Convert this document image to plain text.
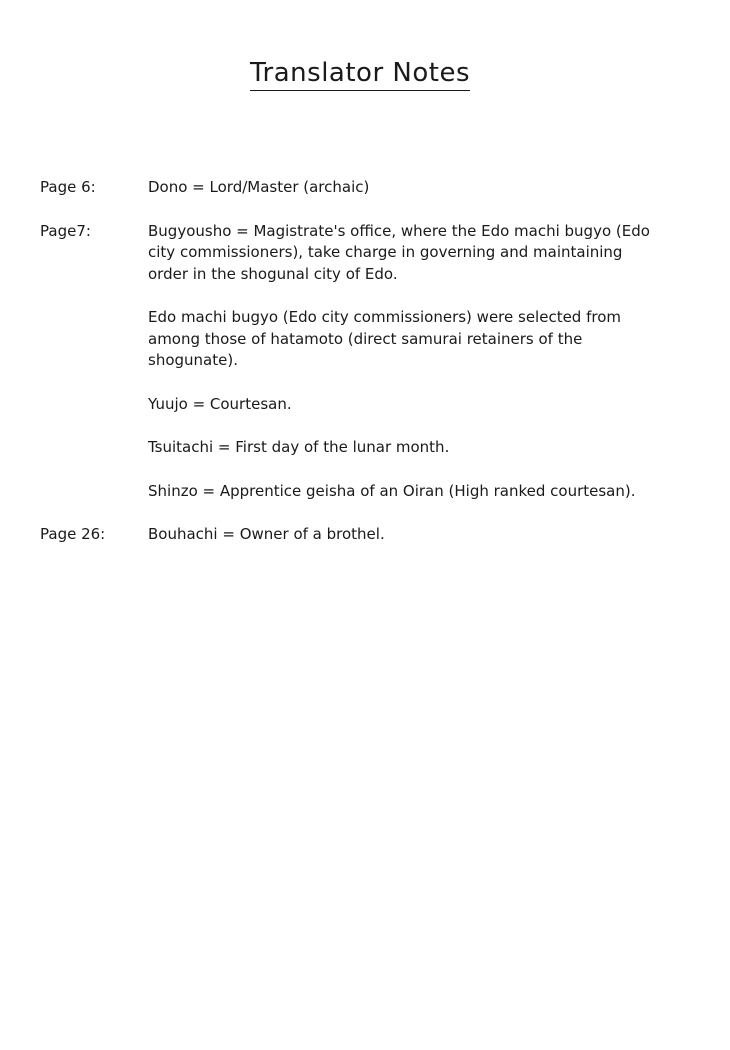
Translator Notes
Page 6:	Dono = Lord/Master (archaic)

Page7:	Bugyousho = Magistrate's office, where the Edo machi bugyo (Edo city commissioners), take charge in governing and maintaining order in the shogunal city of Edo.

Edo machi bugyo (Edo city commissioners) were selected from among those of hatamoto (direct samurai retainers of the shogunate).

Yuujo = Courtesan.

Tsuitachi = First day of the lunar month.

Shinzo = Apprentice geisha of an Oiran (High ranked courtesan).

Page 26:	Bouhachi = Owner of a brothel.
